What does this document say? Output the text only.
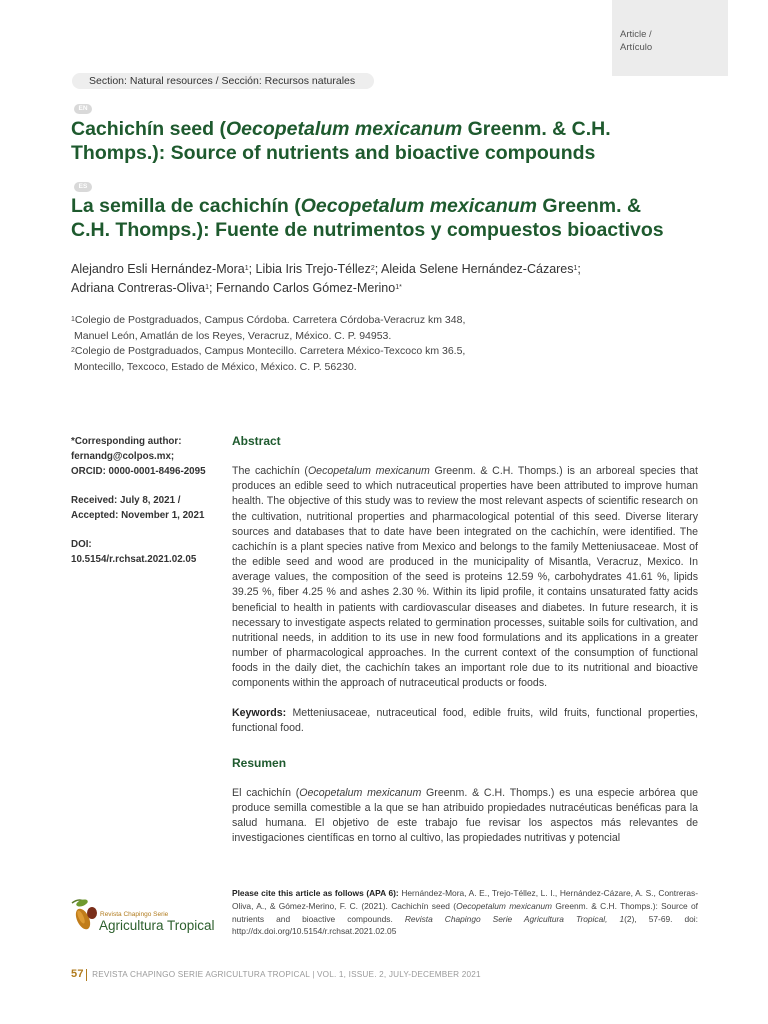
Article /
Artículo
Section: Natural resources / Sección: Recursos naturales
EN
Cachichín seed (Oecopetalum mexicanum Greenm. & C.H. Thomps.): Source of nutrients and bioactive compounds
ES
La semilla de cachichín (Oecopetalum mexicanum Greenm. & C.H. Thomps.): Fuente de nutrimentos y compuestos bioactivos
Alejandro Esli Hernández-Mora$^1$; Libia Iris Trejo-Téllez$^2$; Aleida Selene Hernández-Cázares$^1$;
Adriana Contreras-Oliva$^1$; Fernando Carlos Gómez-Merino$^{1*}$
$^1$Colegio de Postgraduados, Campus Córdoba. Carretera Córdoba-Veracruz km 348,
Manuel León, Amatlán de los Reyes, Veracruz, México. C. P. 94953.
$^2$Colegio de Postgraduados, Campus Montecillo. Carretera México-Texcoco km 36.5,
Montecillo, Texcoco, Estado de México, México. C. P. 56230.

*Corresponding author:
fernandg@colpos.mx;
ORCID: 0000-0001-8496-2095

Received: July 8, 2021 /
Accepted: November 1, 2021

DOI:
10.5154/r.rchsat.2021.02.05

Abstract

The cachichín (Oecopetalum mexicanum Greenm. & C.H. Thomps.) is an arboreal species that produces an edible seed to which nutraceutical properties have been attributed to improve human health. The objective of this study was to review the most relevant aspects of scientific research on the cultivation, nutritional properties and pharmacological potential of this seed. Diverse literary sources and databases that to date have been integrated on the cachichín, were identified. The cachichín is a plant species native from Mexico and belongs to the family Metteniusaceae. Most of the edible seed and wood are produced in the municipality of Misantla, Veracruz, Mexico. In average values, the composition of the seed is proteins 12.59 %, carbohydrates 41.61 %, lipids 39.25 %, fiber 4.25 % and ashes 2.30 %. Within its lipid profile, it contains unsaturated fatty acids beneficial to health in patients with cardiovascular diseases and diabetes. In future research, it is necessary to investigate aspects related to germination processes, suitable soils for cultivation, and nutritional needs, in addition to its use in new food formulations and its applications in a greater number of pharmacological approaches. In the current context of the consumption of functional foods in the daily diet, the cachichín takes an important role due to its nutritional and bioactive components within the approach of nutraceutical products or foods.

Keywords: Metteniusaceae, nutraceutical food, edible fruits, wild fruits, functional properties, functional food.

Resumen

El cachichín (Oecopetalum mexicanum Greenm. & C.H. Thomps.) es una especie arbórea que produce semilla comestible a la que se han atribuido propiedades nutracéuticas benéficas para la salud humana. El objetivo de este trabajo fue revisar los aspectos más relevantes de investigaciones científicas en torno al cultivo, las propiedades nutritivas y potencial

Revista Chapingo Serie
Agricultura Tropical
Please cite this article as follows (APA 6): Hernández-Mora, A. E., Trejo-Téllez, L. I., Hernández-Cázare, A. S., Contreras-Oliva, A., & Gómez-Merino, F. C. (2021). Cachichín seed (Oecopetalum mexicanum Greenm. & C.H. Thomps.): Source of nutrients and bioactive compounds. Revista Chapingo Serie Agricultura Tropical, 1(2), 57-69. doi: http://dx.doi.org/10.5154/r.rchsat.2021.02.05
57 REVISTA CHAPINGO SERIE AGRICULTURA TROPICAL | VOL. 1, ISSUE. 2, JULY-DECEMBER 2021
